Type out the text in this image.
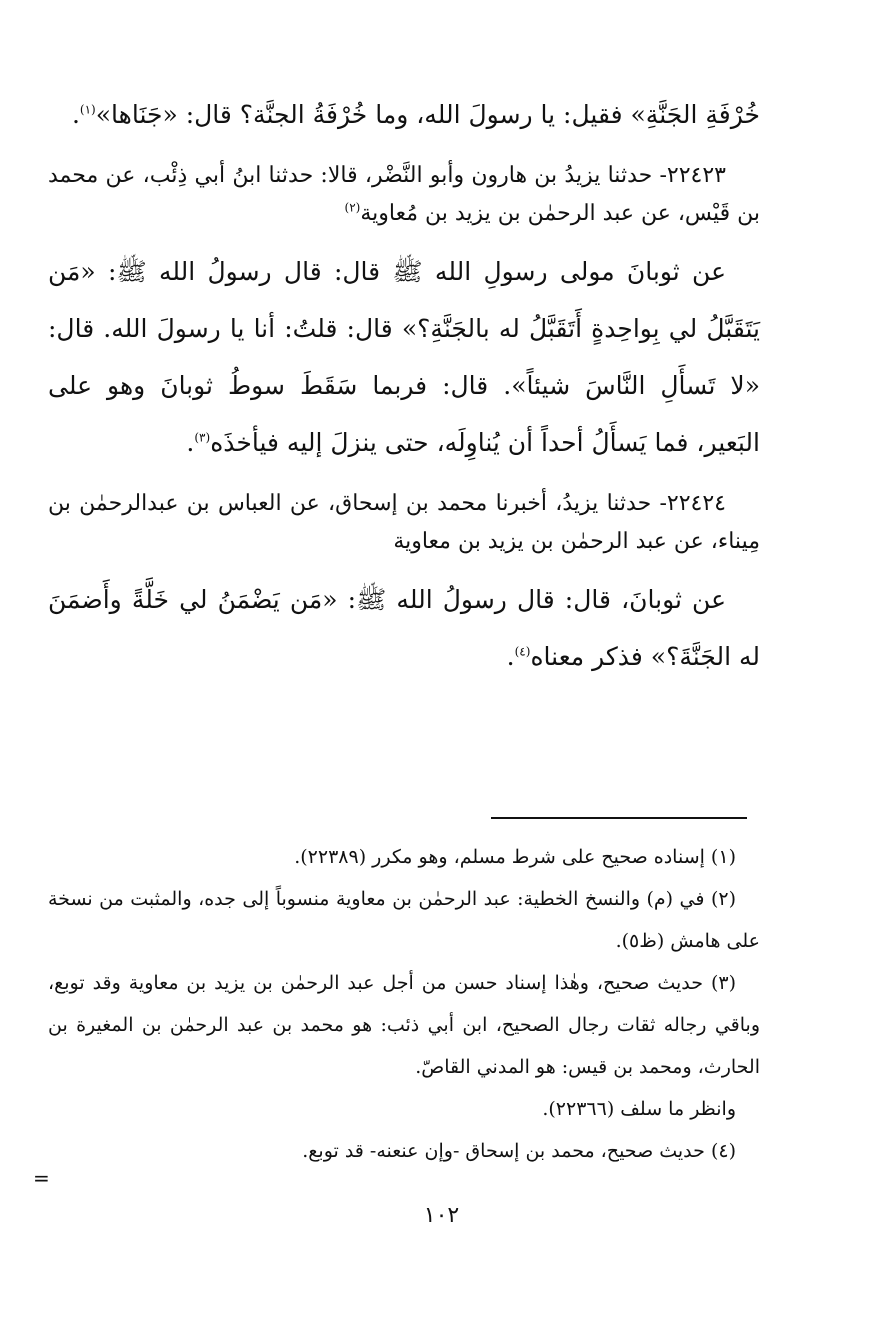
خُرْفَةِ الجَنَّةِ» فقيل: يا رسولَ الله، وما خُرْفَةُ الجنَّة؟ قال: «جَنَاها»$^{(١)}$.

٢٢٤٢٣- حدثنا يزيدُ بن هارون وأبو النَّضْر، قالا: حدثنا ابنُ أبي ذِئْب، عن محمد بن قَيْس، عن عبد الرحمٰن بن يزيد بن مُعاوية$^{(٢)}$

عن ثوبانَ مولى رسولِ الله ﷺ قال: قال رسولُ الله ﷺ: «مَن يَتَقَبَّلُ لي بِواحِدةٍ أَتَقَبَّلُ له بالجَنَّةِ؟» قال: قلتُ: أنا يا رسولَ الله. قال: «لا تَسأَلِ النَّاسَ شيئاً». قال: فربما سَقَطَ سوطُ ثوبانَ وهو على البَعير، فما يَسأَلُ أحداً أن يُناوِلَه، حتى ينزلَ إليه فيأخذَه$^{(٣)}$.

٢٢٤٢٤- حدثنا يزيدُ، أخبرنا محمد بن إسحاق، عن العباس بن عبدالرحمٰن بن مِيناء، عن عبد الرحمٰن بن يزيد بن معاوية

عن ثوبانَ، قال: قال رسولُ الله ﷺ: «مَن يَضْمَنُ لي خَلَّةً وأَضمَنَ له الجَنَّةَ؟» فذكر معناه$^{(٤)}$.

(١) إسناده صحيح على شرط مسلم، وهو مكرر (٢٢٣٨٩).

(٢) في (م) والنسخ الخطية: عبد الرحمٰن بن معاوية منسوباً إلى جده، والمثبت من نسخة على هامش (ظ٥).

(٣) حديث صحيح، وهٰذا إسناد حسن من أجل عبد الرحمٰن بن يزيد بن معاوية وقد توبع، وباقي رجاله ثقات رجال الصحيح، ابن أبي ذئب: هو محمد بن عبد الرحمٰن بن المغيرة بن الحارث، ومحمد بن قيس: هو المدني القاصّ.

وانظر ما سلف (٢٢٣٦٦).

(٤) حديث صحيح، محمد بن إسحاق -وإن عنعنه- قد توبع.

=
١٠٢
